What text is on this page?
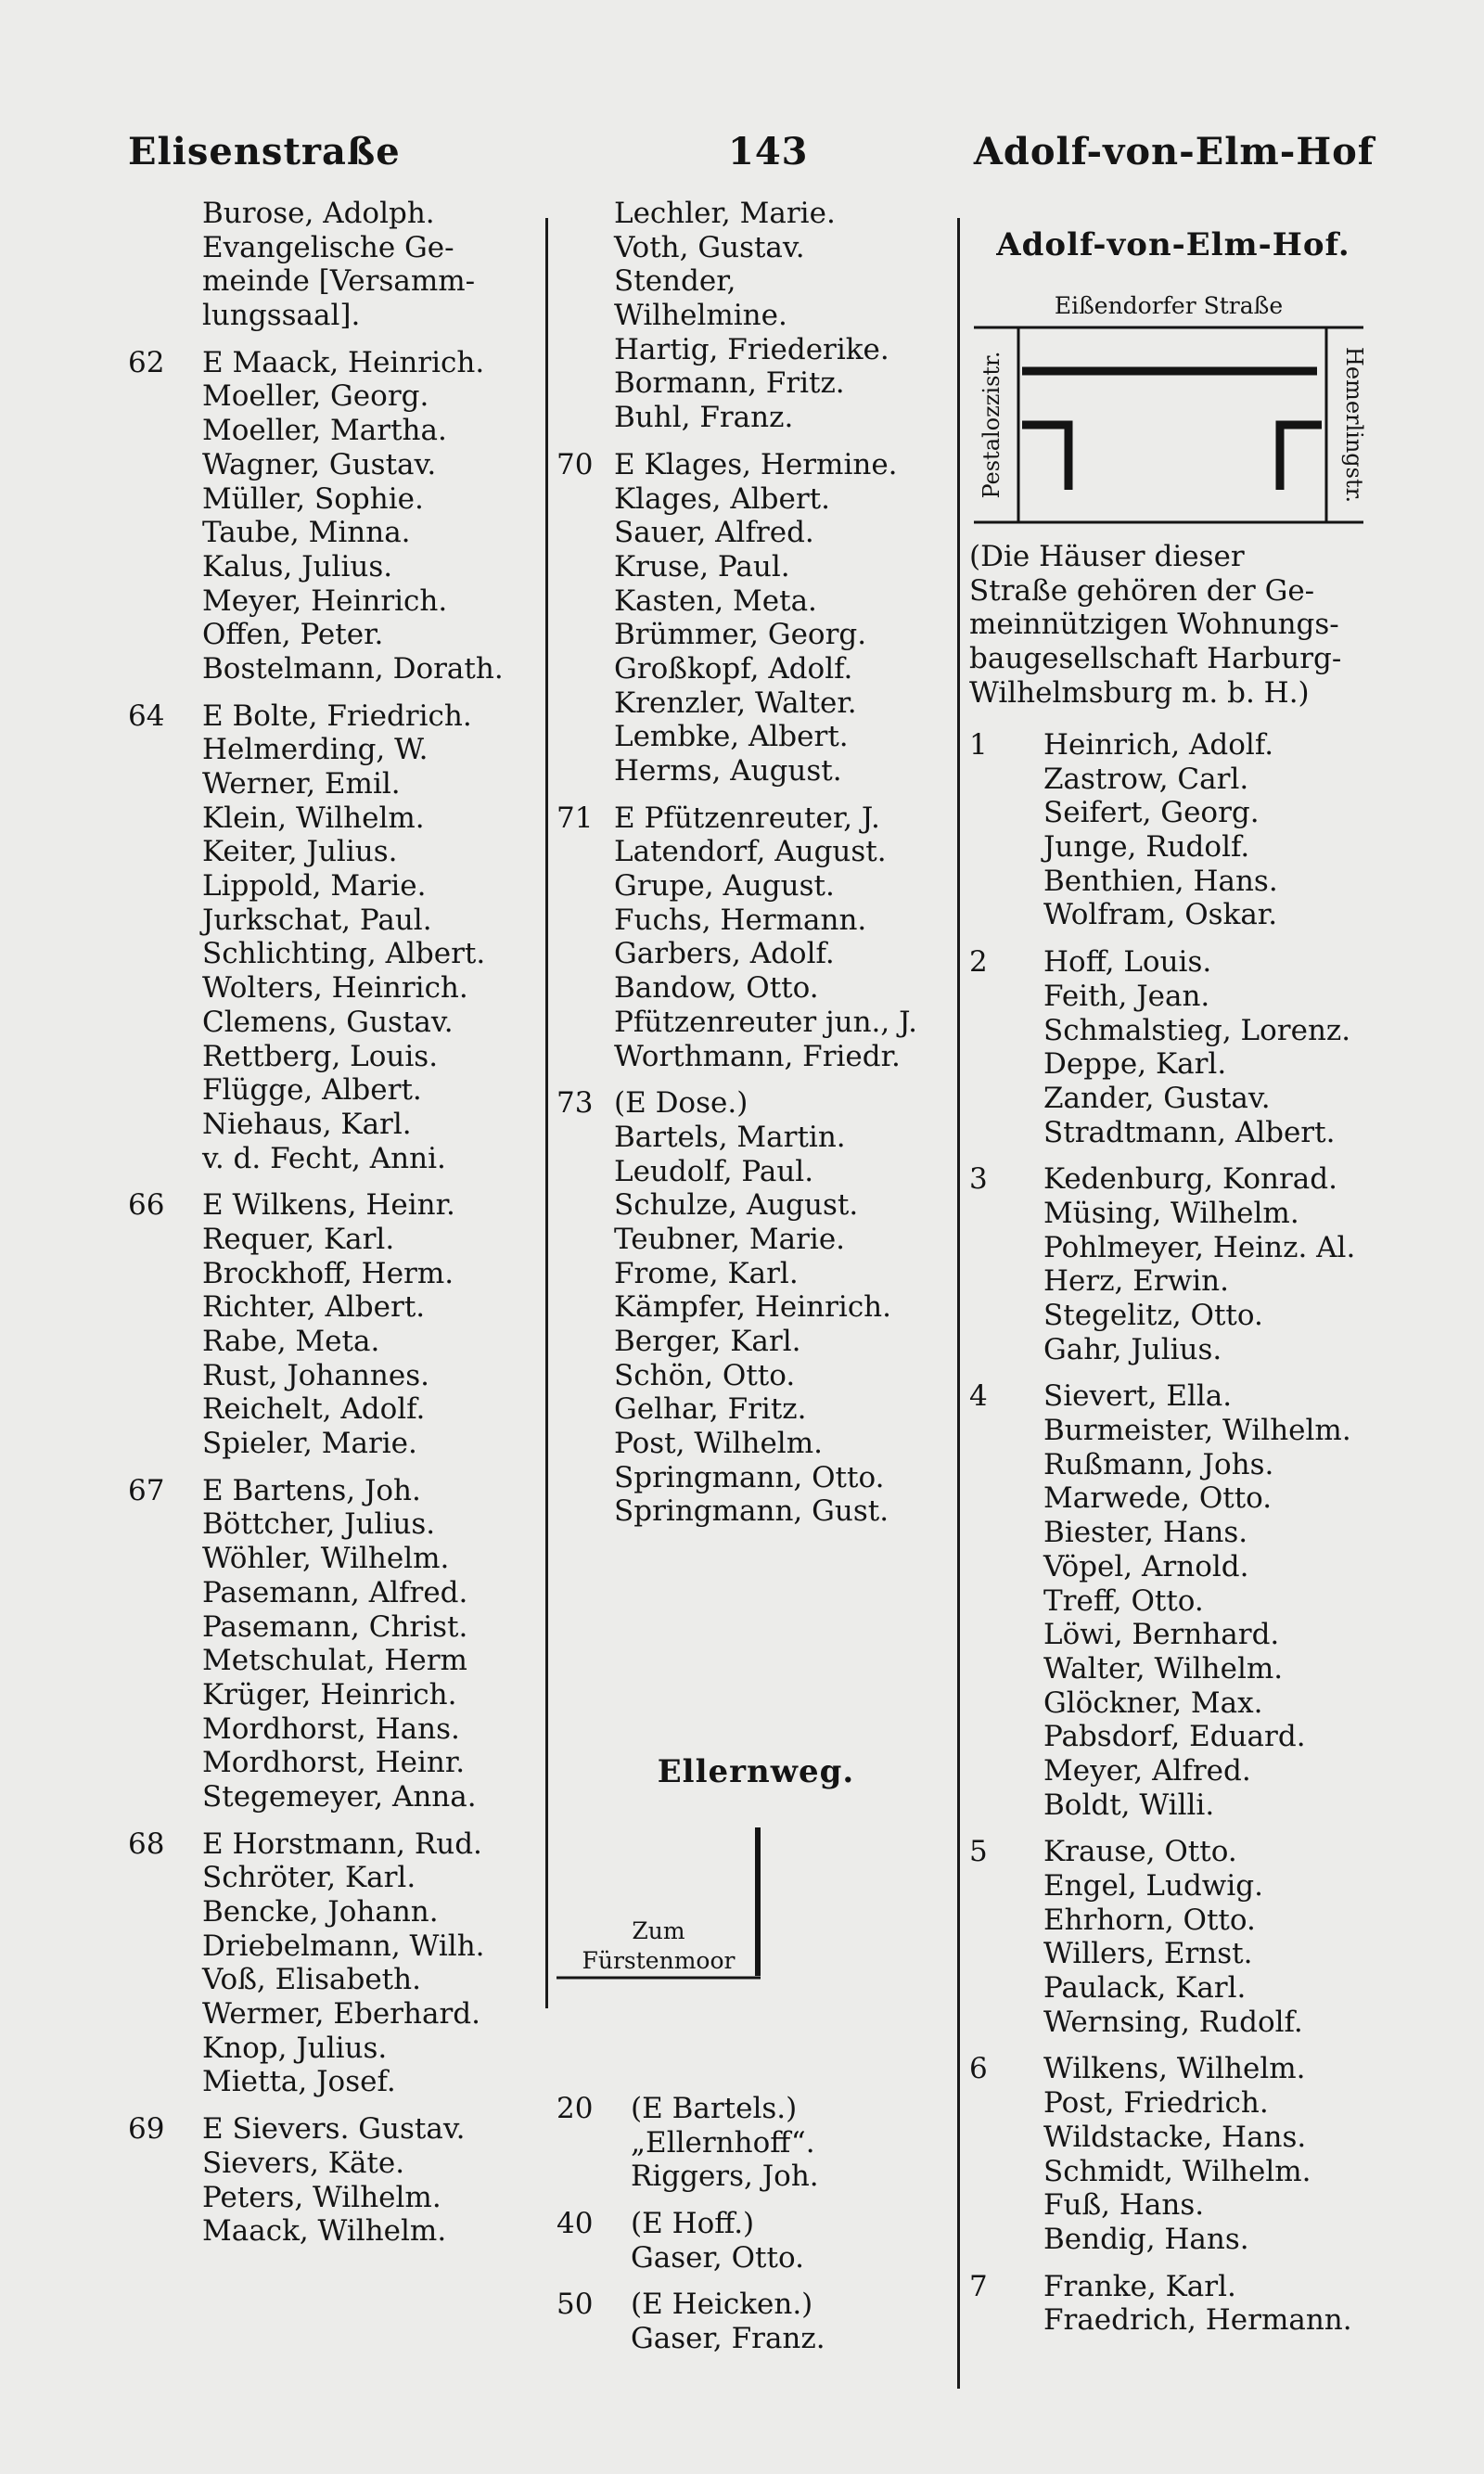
Elisenstraße	143	Adolf-von-Elm-Hof
Burose, Adolph.
Evangelische Ge-
meinde [Versamm-
lungssaal].
62 E Maack, Heinrich.
Moeller, Georg.
Moeller, Martha.
Wagner, Gustav.
Müller, Sophie.
Taube, Minna.
Kalus, Julius.
Meyer, Heinrich.
Offen, Peter.
Bostelmann, Dorath.
64 E Bolte, Friedrich.
Helmerding, W.
Werner, Emil.
Klein, Wilhelm.
Keiter, Julius.
Lippold, Marie.
Jurkschat, Paul.
Schlichting, Albert.
Wolters, Heinrich.
Clemens, Gustav.
Rettberg, Louis.
Flügge, Albert.
Niehaus, Karl.
v. d. Fecht, Anni.
66 E Wilkens, Heinr.
Requer, Karl.
Brockhoff, Herm.
Richter, Albert.
Rabe, Meta.
Rust, Johannes.
Reichelt, Adolf.
Spieler, Marie.
67 E Bartens, Joh.
Böttcher, Julius.
Wöhler, Wilhelm.
Pasemann, Alfred.
Pasemann, Christ.
Metschulat, Herm
Krüger, Heinrich.
Mordhorst, Hans.
Mordhorst, Heinr.
Stegemeyer, Anna.
68 E Horstmann, Rud.
Schröter, Karl.
Bencke, Johann.
Driebelmann, Wilh.
Voß, Elisabeth.
Wermer, Eberhard.
Knop, Julius.
Mietta, Josef.
69 E Sievers. Gustav.
Sievers, Käte.
Peters, Wilhelm.
Maack, Wilhelm.
Lechler, Marie.
Voth, Gustav.
Stender,
Wilhelmine.
Hartig, Friederike.
Bormann, Fritz.
Buhl, Franz.
70 E Klages, Hermine.
Klages, Albert.
Sauer, Alfred.
Kruse, Paul.
Kasten, Meta.
Brümmer, Georg.
Großkopf, Adolf.
Krenzler, Walter.
Lembke, Albert.
Herms, August.
71 E Pfützenreuter, J.
Latendorf, August.
Grupe, August.
Fuchs, Hermann.
Garbers, Adolf.
Bandow, Otto.
Pfützenreuter jun., J.
Worthmann, Friedr.
73 (E Dose.)
Bartels, Martin.
Leudolf, Paul.
Schulze, August.
Teubner, Marie.
Frome, Karl.
Kämpfer, Heinrich.
Berger, Karl.
Schön, Otto.
Gelhar, Fritz.
Post, Wilhelm.
Springmann, Otto.
Springmann, Gust.
Adolf-von-Elm-Hof.
Eißendorfer Straße
Pestalozzistr.	Hemerlingstr.
(Die Häuser dieser
Straße gehören der Ge-
meinnützigen Wohnungs-
baugesellschaft Harburg-
Wilhelmsburg m. b. H.)
1	Heinrich, Adolf.
Zastrow, Carl.
Seifert, Georg.
Junge, Rudolf.
Benthien, Hans.
Wolfram, Oskar.
2	Hoff, Louis.
Feith, Jean.
Schmalstieg, Lorenz.
Deppe, Karl.
Zander, Gustav.
Stradtmann, Albert.
3	Kedenburg, Konrad.
Müsing, Wilhelm.
Pohlmeyer, Heinz. Al.
Herz, Erwin.
Stegelitz, Otto.
Gahr, Julius.
4	Sievert, Ella.
Burmeister, Wilhelm.
Rußmann, Johs.
Marwede, Otto.
Biester, Hans.
Vöpel, Arnold.
Treff, Otto.
Löwi, Bernhard.
Walter, Wilhelm.
Glöckner, Max.
Pabsdorf, Eduard.
Meyer, Alfred.
Boldt, Willi.
5	Krause, Otto.
Engel, Ludwig.
Ehrhorn, Otto.
Willers, Ernst.
Paulack, Karl.
Wernsing, Rudolf.
6	Wilkens, Wilhelm.
Post, Friedrich.
Wildstacke, Hans.
Schmidt, Wilhelm.
Fuß, Hans.
Bendig, Hans.
7	Franke, Karl.
Fraedrich, Hermann.
Ellernweg.
Zum
Fürstenmoor
20 (E Bartels.)
„Ellernhoff“.
Riggers, Joh.
40 (E Hoff.)
Gaser, Otto.
50 (E Heicken.)
Gaser, Franz.
